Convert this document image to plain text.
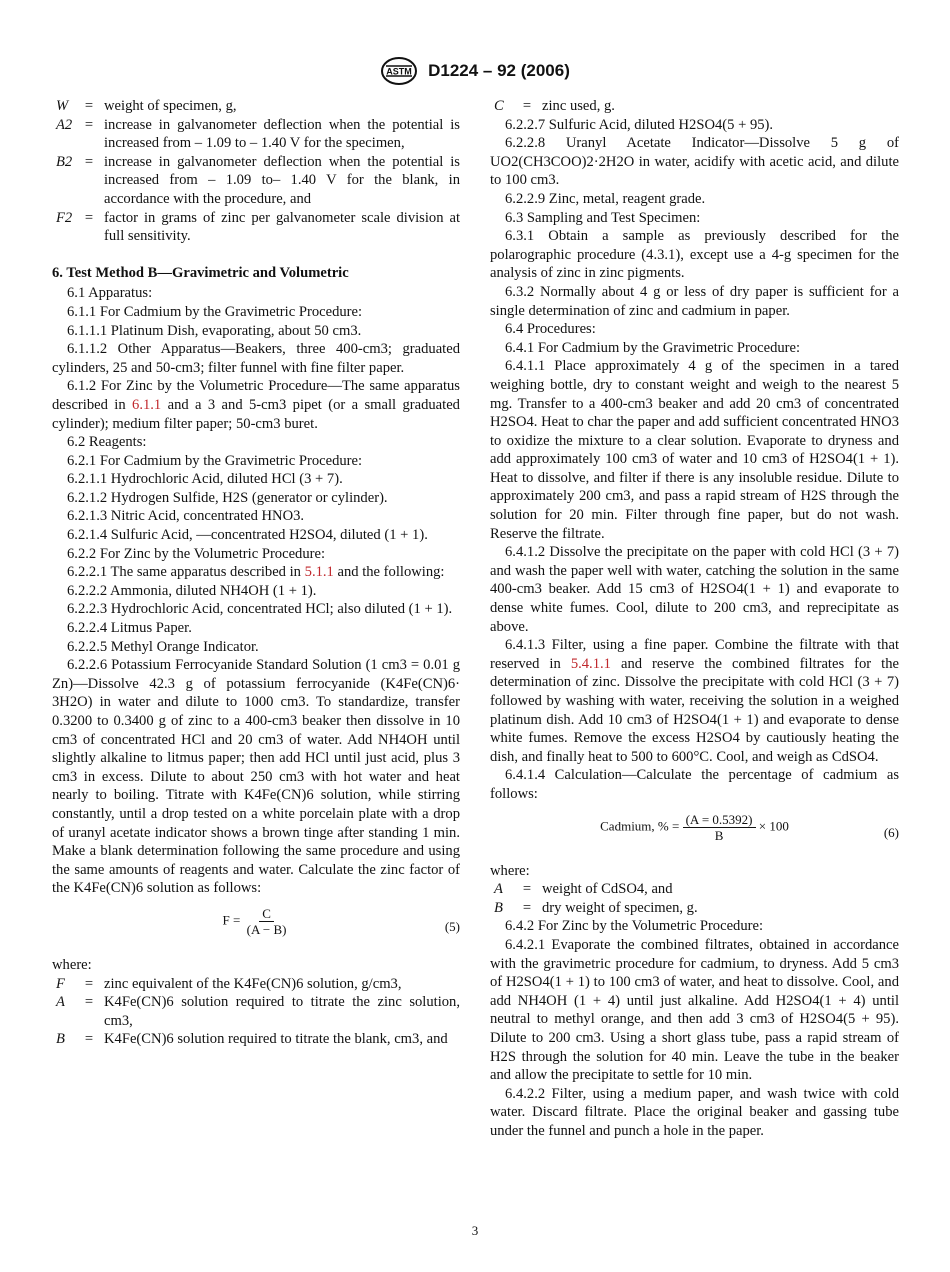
ASTM D1224 – 92 (2006)
W	= weight of specimen, g,
A2 = increase in galvanometer deflection when the potential is increased from – 1.09 to – 1.40 V for the specimen,
B2 = increase in galvanometer deflection when the potential is increased from – 1.09 to– 1.40 V for the blank, in accordance with the procedure, and
F2 = factor in grams of zinc per galvanometer scale division at full sensitivity.

6. Test Method B—Gravimetric and Volumetric

6.1 Apparatus:

6.1.1 For Cadmium by the Gravimetric Procedure:

6.1.1.1 Platinum Dish, evaporating, about 50 cm3.

6.1.1.2 Other Apparatus—Beakers, three 400-cm3; graduated cylinders, 25 and 50-cm3; filter funnel with fine filter paper.

6.1.2 For Zinc by the Volumetric Procedure—The same apparatus described in 6.1.1 and a 3 and 5-cm3 pipet (or a small graduated cylinder); medium filter paper; 50-cm3 buret.

6.2 Reagents:

6.2.1 For Cadmium by the Gravimetric Procedure:

6.2.1.1 Hydrochloric Acid, diluted HCl (3 + 7).

6.2.1.2 Hydrogen Sulfide, H2S (generator or cylinder).

6.2.1.3 Nitric Acid, concentrated HNO3.

6.2.1.4 Sulfuric Acid, —concentrated H2SO4, diluted (1 + 1).

6.2.2 For Zinc by the Volumetric Procedure:

6.2.2.1 The same apparatus described in 5.1.1 and the following:

6.2.2.2 Ammonia, diluted NH4OH (1 + 1).

6.2.2.3 Hydrochloric Acid, concentrated HCl; also diluted (1 + 1).

6.2.2.4 Litmus Paper.

6.2.2.5 Methyl Orange Indicator.

6.2.2.6 Potassium Ferrocyanide Standard Solution (1 cm3 = 0.01 g Zn)—Dissolve 42.3 g of potassium ferrocyanide (K4Fe(CN)6· 3H2O) in water and dilute to 1000 cm3. To standardize, transfer 0.3200 to 0.3400 g of zinc to a 400-cm3 beaker then dissolve in 10 cm3 of concentrated HCl and 20 cm3 of water. Add NH4OH until slightly alkaline to litmus paper; then add HCl until just acid, plus 3 cm3 in excess. Dilute to about 250 cm3 with hot water and heat nearly to boiling. Titrate with K4Fe(CN)6 solution, while stirring constantly, until a drop tested on a white porcelain plate with a drop of uranyl acetate indicator shows a brown tinge after standing 1 min. Make a blank determination following the same procedure and using the same amounts of reagents and water. Calculate the zinc factor of the K4Fe(CN)6 solution as follows:

$F = \frac{C}{(A - B)}$	(5)

where:

F	= zinc equivalent of the K4Fe(CN)6 solution, g/cm3,
A	= K4Fe(CN)6 solution required to titrate the zinc solution, cm3,
B	= K4Fe(CN)6 solution required to titrate the blank, cm3, and
C	= zinc used, g.

6.2.2.7 Sulfuric Acid, diluted H2SO4(5 + 95).

6.2.2.8 Uranyl Acetate Indicator—Dissolve 5 g of UO2(CH3COO)2·2H2O in water, acidify with acetic acid, and dilute to 100 cm3.

6.2.2.9 Zinc, metal, reagent grade.

6.3 Sampling and Test Specimen:

6.3.1 Obtain a sample as previously described for the polarographic procedure (4.3.1), except use a 4-g specimen for the analysis of zinc in zinc pigments.

6.3.2 Normally about 4 g or less of dry paper is sufficient for a single determination of zinc and cadmium in paper.

6.4 Procedures:

6.4.1 For Cadmium by the Gravimetric Procedure:

6.4.1.1 Place approximately 4 g of the specimen in a tared weighing bottle, dry to constant weight and weigh to the nearest 5 mg. Transfer to a 400-cm3 beaker and add 20 cm3 of concentrated H2SO4. Heat to char the paper and add sufficient concentrated HNO3 to oxidize the mixture to a clear solution. Evaporate to dryness and add approximately 100 cm3 of water and 10 cm3 of H2SO4(1 + 1). Heat to dissolve, and filter if there is any insoluble residue. Dilute to approximately 200 cm3, and pass a rapid stream of H2S through the solution for 20 min. Filter through fine paper, but do not wash. Reserve the filtrate.

6.4.1.2 Dissolve the precipitate on the paper with cold HCl (3 + 7) and wash the paper well with water, catching the solution in the same 400-cm3 beaker. Add 15 cm3 of H2SO4(1 + 1) and evaporate to dense white fumes. Cool, dilute to 200 cm3, and reprecipitate as above.

6.4.1.3 Filter, using a fine paper. Combine the filtrate with that reserved in 5.4.1.1 and reserve the combined filtrates for the determination of zinc. Dissolve the precipitate with cold HCl (3 + 7) followed by washing with water, receiving the solution in a weighed platinum dish. Add 10 cm3 of H2SO4(1 + 1) and evaporate to dense white fumes. Remove the excess H2SO4 by cautiously heating the dish, and finally heat to 500 to 600°C. Cool, and weigh as CdSO4.

6.4.1.4 Calculation—Calculate the percentage of cadmium as follows:

Cadmium, % = $\frac{(A = 0.5392)}{B} \times 100$	(6)

where:

A	= weight of CdSO4, and
B	= dry weight of specimen, g.

6.4.2 For Zinc by the Volumetric Procedure:

6.4.2.1 Evaporate the combined filtrates, obtained in accordance with the gravimetric procedure for cadmium, to dryness. Add 5 cm3 of H2SO4(1 + 1) to 100 cm3 of water, and heat to dissolve. Cool, and add NH4OH (1 + 4) until just alkaline. Add H2SO4(1 + 4) until neutral to methyl orange, and then add 3 cm3 of H2SO4(5 + 95). Dilute to 200 cm3. Using a short glass tube, pass a rapid stream of H2S through the solution for 40 min. Leave the tube in the beaker and allow the precipitate to settle for 10 min.

6.4.2.2 Filter, using a medium paper, and wash twice with cold water. Discard filtrate. Place the original beaker and gassing tube under the funnel and punch a hole in the paper.

3
